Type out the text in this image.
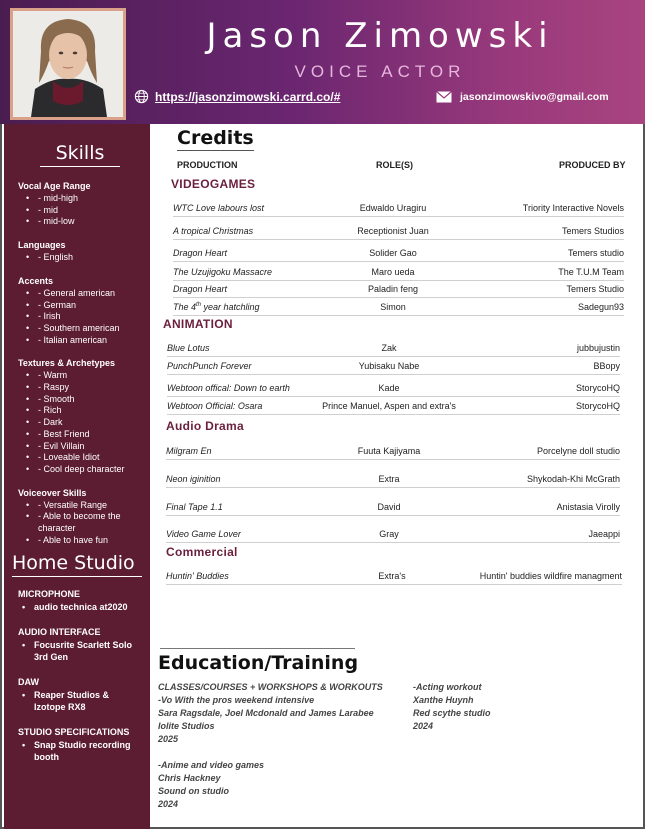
Jason Zimowski
VOICE ACTOR
https://jasonzimowski.carrd.co/#	jasonzimowskivo@gmail.com
Skills
Vocal Age Range
• - mid-high
• - mid
• - mid-low
Languages
• - English
Accents
• - General american
• - German
• - Irish
• - Southern american
• - Italian american
Textures & Archetypes
• - Warm
• - Raspy
• - Smooth
• - Rich
• - Dark
• - Best Friend
• - Evil Villain
• - Loveable Idiot
• - Cool deep character
Voiceover Skills
• - Versatile Range
• - Able to become the character
• - Able to have fun
Home Studio
MICROPHONE
• audio technica at2020
AUDIO INTERFACE
• Focusrite Scarlett Solo 3rd Gen
DAW
• Reaper Studios & Izotope RX8
STUDIO SPECIFICATIONS
• Snap Studio recording booth
Credits
PRODUCTION	ROLE(S)	PRODUCED BY
VIDEOGAMES
WTC Love labours lost	Edwaldo Uragiru	Triority Interactive Novels
A tropical Christmas	Receptionist Juan	Temers Studios
Dragon Heart	Solider Gao	Temers studio
The Uzujigoku Massacre	Maro ueda	The T.U.M Team
Dragon Heart	Paladin feng	Temers Studio
The 4th year hatchling	Simon	Sadegun93
ANIMATION
Blue Lotus	Zak	jubbujustin
PunchPunch Forever	Yubisaku Nabe	BBopy
Webtoon offical: Down to earth	Kade	StorycoHQ
Webtoon Official: Osara	Prince Manuel, Aspen and extra's	StorycoHQ
Audio Drama
Milgram En	Fuuta Kajiyama	Porcelyne doll studio
Neon iginition	Extra	Shykodah-Khi McGrath
Final Tape 1.1	David	Anistasia Virolly
Video Game Lover	Gray	Jaeappi
Commercial
Huntin' Buddies	Extra's	Huntin' buddies wildfire managment
Education/Training
CLASSES/COURSES + WORKSHOPS & WORKOUTS
-Vo With the pros weekend intensive
Sara Ragsdale, Joel Mcdonald and James Larabee
Iolite Studios
2025
-Anime and video games
Chris Hackney
Sound on studio
2024
-Acting workout
Xanthe Huynh
Red scythe studio
2024
